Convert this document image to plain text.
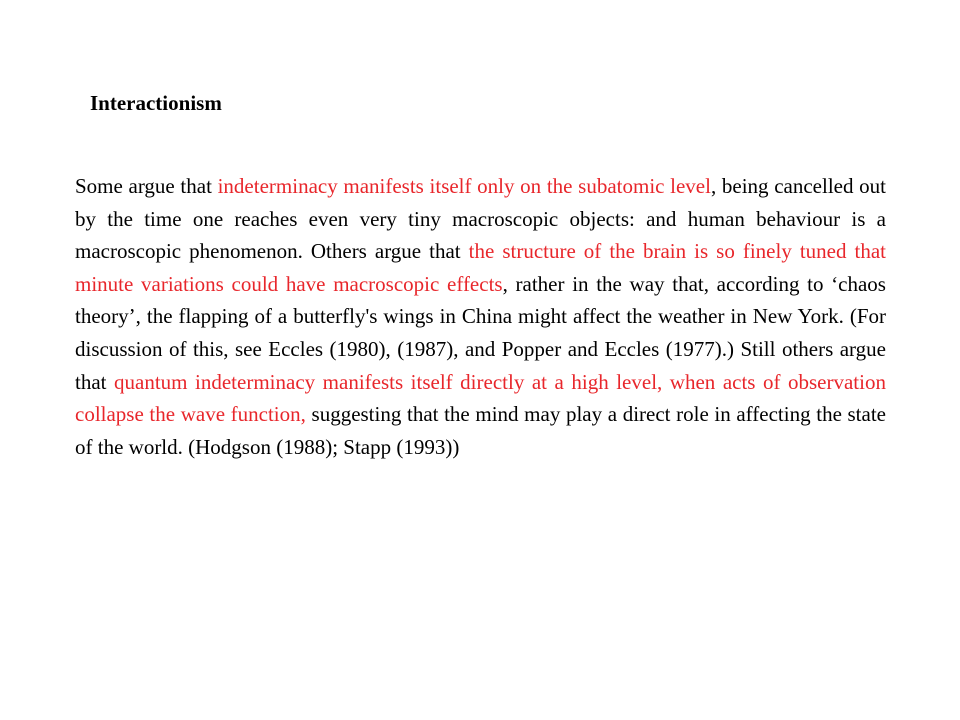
Interactionism

Some argue that indeterminacy manifests itself only on the subatomic level, being cancelled out by the time one reaches even very tiny macroscopic objects: and human behaviour is a macroscopic phenomenon. Others argue that the structure of the brain is so finely tuned that minute variations could have macroscopic effects, rather in the way that, according to ‘chaos theory’, the flapping of a butterfly's wings in China might affect the weather in New York. (For discussion of this, see Eccles (1980), (1987), and Popper and Eccles (1977).) Still others argue that quantum indeterminacy manifests itself directly at a high level, when acts of observation collapse the wave function, suggesting that the mind may play a direct role in affecting the state of the world. (Hodgson (1988); Stapp (1993))
